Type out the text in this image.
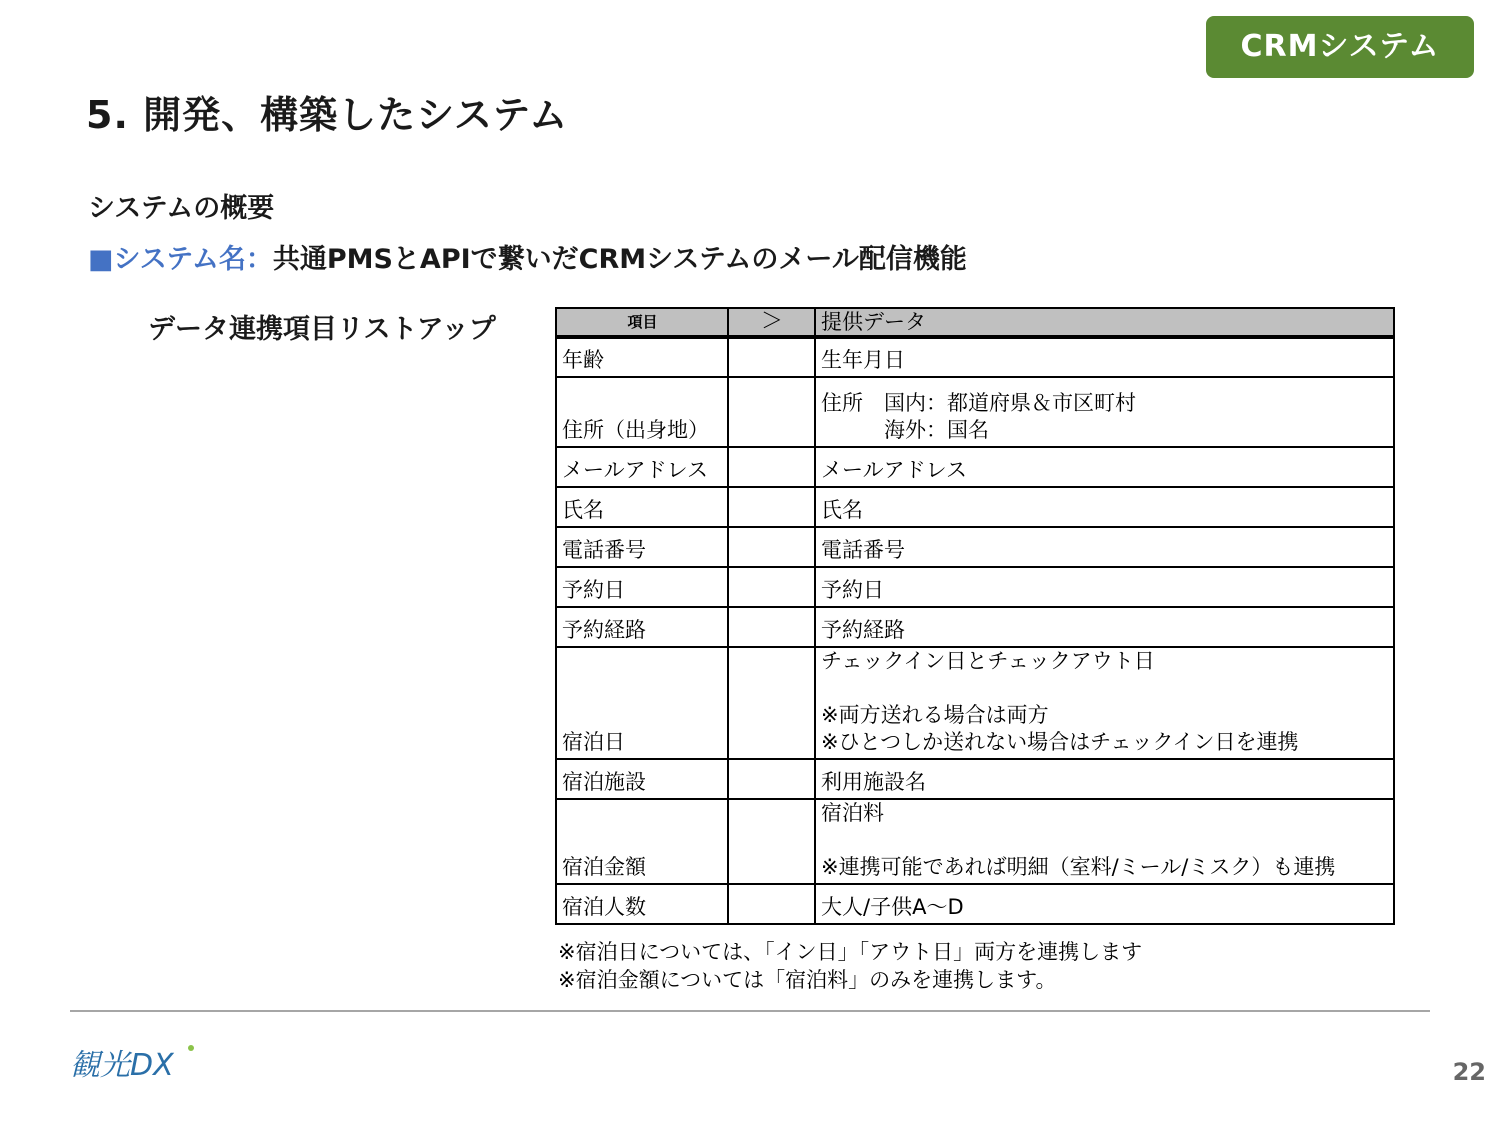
CRMシステム
5. 開発、構築したシステム
システムの概要
■システム名：共通PMSとAPIで繋いだCRMシステムのメール配信機能
データ連携項目リストアップ	項目	＞	提供データ
年齢		生年月日
住所（出身地）		住所　国内：都道府県＆市区町村
　　　海外：国名
メールアドレス		メールアドレス
氏名		氏名
電話番号		電話番号
予約日		予約日
予約経路		予約経路
宿泊日		チェックイン日とチェックアウト日

※両方送れる場合は両方
※ひとつしか送れない場合はチェックイン日を連携
宿泊施設		利用施設名
宿泊金額		宿泊料

※連携可能であれば明細（室料/ミール/ミスク）も連携
宿泊人数		大人/子供A～D
※宿泊日については、「イン日」「アウト日」両方を連携します
※宿泊金額については「宿泊料」のみを連携します。
観光DX	22
